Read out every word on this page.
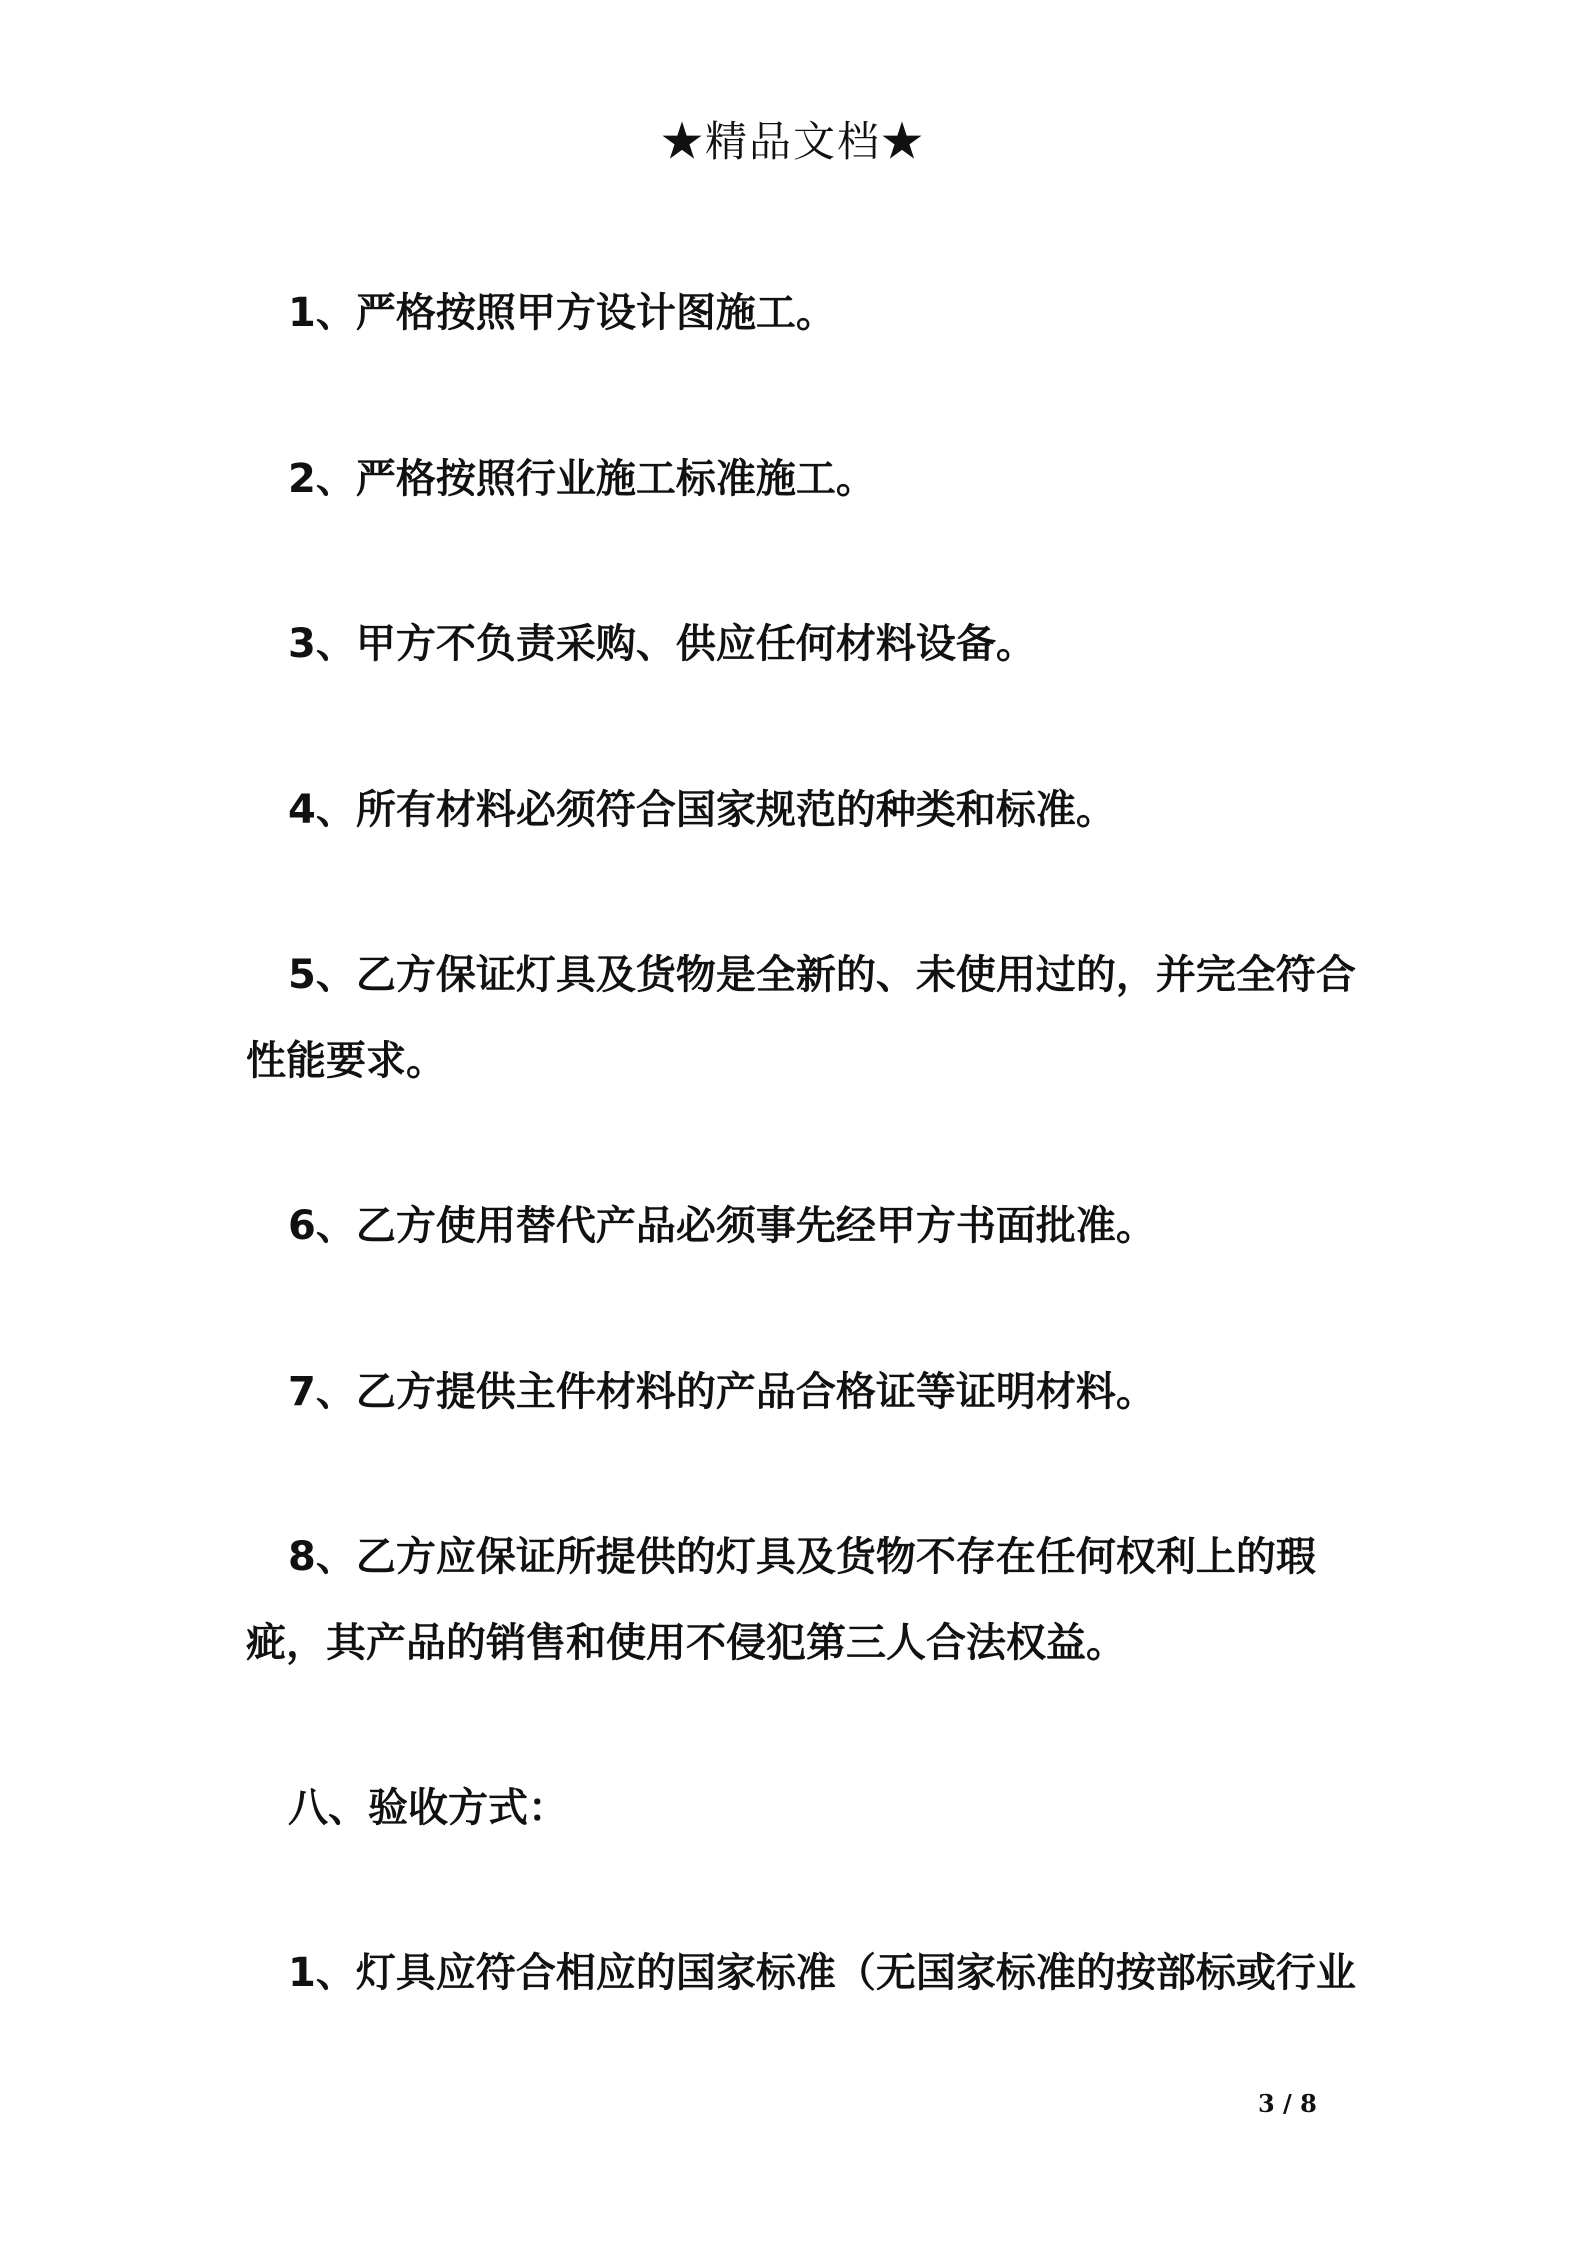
★精品文档★
1、严格按照甲方设计图施工。
2、严格按照行业施工标准施工。
3、甲方不负责采购、供应任何材料设备。
4、所有材料必须符合国家规范的种类和标准。
5、乙方保证灯具及货物是全新的、未使用过的，并完全符合
性能要求。
6、乙方使用替代产品必须事先经甲方书面批准。
7、乙方提供主件材料的产品合格证等证明材料。
8、乙方应保证所提供的灯具及货物不存在任何权利上的瑕
疵，其产品的销售和使用不侵犯第三人合法权益。
八、验收方式：
1、灯具应符合相应的国家标准（无国家标准的按部标或行业
3 / 8
